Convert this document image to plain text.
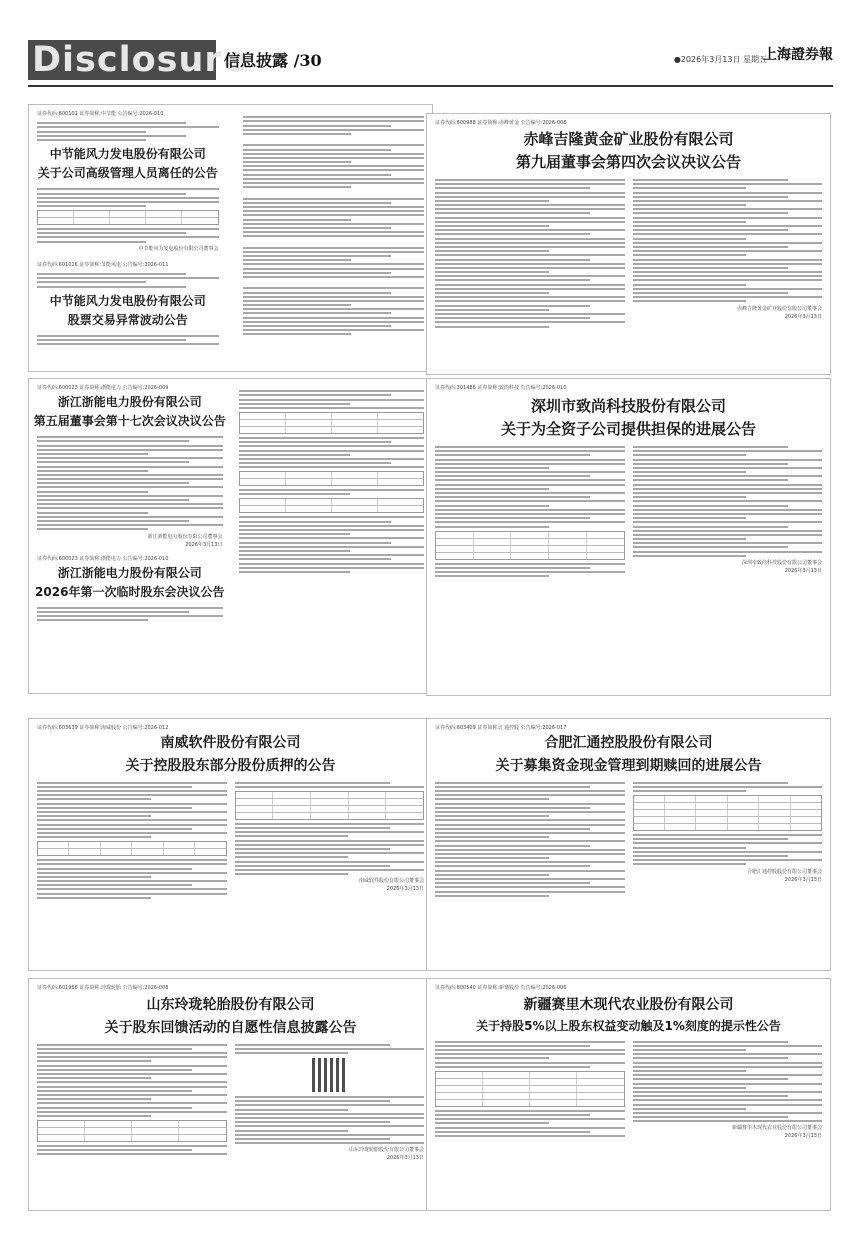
Disclosure
信息披露 /30	●2026年3月13日 星期五
上海證券報
证券代码:600101 证券简称:中节能 公告编号:2026-010
中节能风力发电股份有限公司
关于公司高级管理人员离任的公告
中节能风力发电股份有限公司董事会
证券代码:601016 证券简称:节能风电 公告编号:2026-011
中节能风力发电股份有限公司
股票交易异常波动公告
证券代码:600988 证券简称:赤峰黄金 公告编号:2026-008
赤峰吉隆黄金矿业股份有限公司
第九届董事会第四次会议决议公告
赤峰吉隆黄金矿业股份有限公司董事会
2026年3月13日
证券代码:600023 证券简称:浙能电力 公告编号:2026-009
浙江浙能电力股份有限公司
第五届董事会第十七次会议决议公告
浙江浙能电力股份有限公司董事会
2026年3月13日
证券代码:600023 证券简称:浙能电力 公告编号:2026-010
浙江浙能电力股份有限公司
2026年第一次临时股东会决议公告
证券代码:301486 证券简称:致尚科技 公告编号:2026-010
深圳市致尚科技股份有限公司
关于为全资子公司提供担保的进展公告
深圳市致尚科技股份有限公司董事会
2026年3月13日
证券代码:603639 证券简称:海威股份 公告编号:2026-012
南威软件股份有限公司
关于控股股东部分股份质押的公告
南威软件股份有限公司董事会
2026年3月13日
证券代码:603409 证券简称:汇通控股 公告编号:2026-017
合肥汇通控股股份有限公司
关于募集资金现金管理到期赎回的进展公告
合肥汇通控股股份有限公司董事会
2026年3月13日
证券代码:601966 证券简称:玲珑轮胎 公告编号:2026-008
山东玲珑轮胎股份有限公司
关于股东回馈活动的自愿性信息披露公告
山东玲珑轮胎股份有限公司董事会
2026年3月13日
证券代码:600540 证券简称:新赛股份 公告编号:2026-006
新疆赛里木现代农业股份有限公司
关于持股5%以上股东权益变动触及1%刻度的提示性公告
新疆赛里木现代农业股份有限公司董事会
2026年3月13日
